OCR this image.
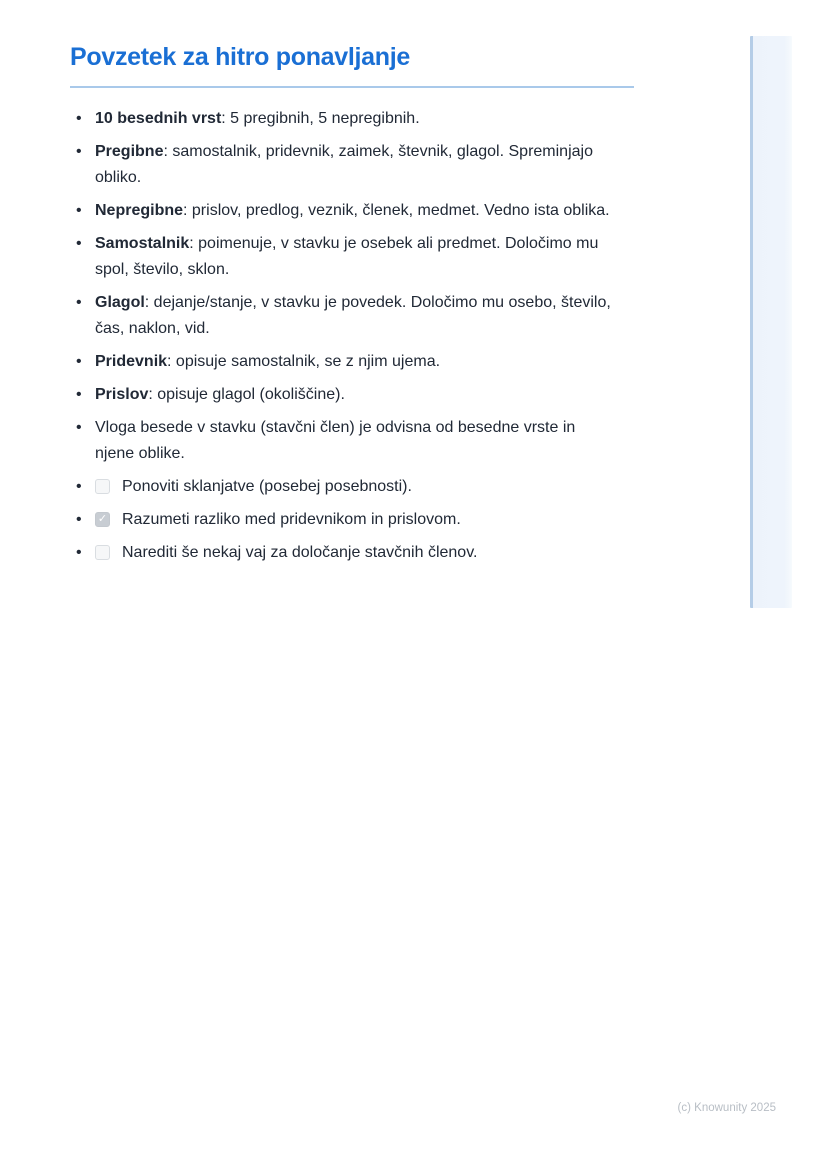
Povzetek za hitro ponavljanje
• 10 besednih vrst: 5 pregibnih, 5 nepregibnih.
• Pregibne: samostalnik, pridevnik, zaimek, števnik, glagol. Spreminjajo obliko.
• Nepregibne: prislov, predlog, veznik, členek, medmet. Vedno ista oblika.
• Samostalnik: poimenuje, v stavku je osebek ali predmet. Določimo mu spol, število, sklon.
• Glagol: dejanje/stanje, v stavku je povedek. Določimo mu osebo, število, čas, naklon, vid.
• Pridevnik: opisuje samostalnik, se z njim ujema.
• Prislov: opisuje glagol (okoliščine).
• Vloga besede v stavku (stavčni člen) je odvisna od besedne vrste in njene oblike.
• Ponoviti sklanjatve (posebej posebnosti).
✓
• Razumeti razliko med pridevnikom in prislovom.
• Narediti še nekaj vaj za določanje stavčnih členov.
(c) Knowunity 2025
